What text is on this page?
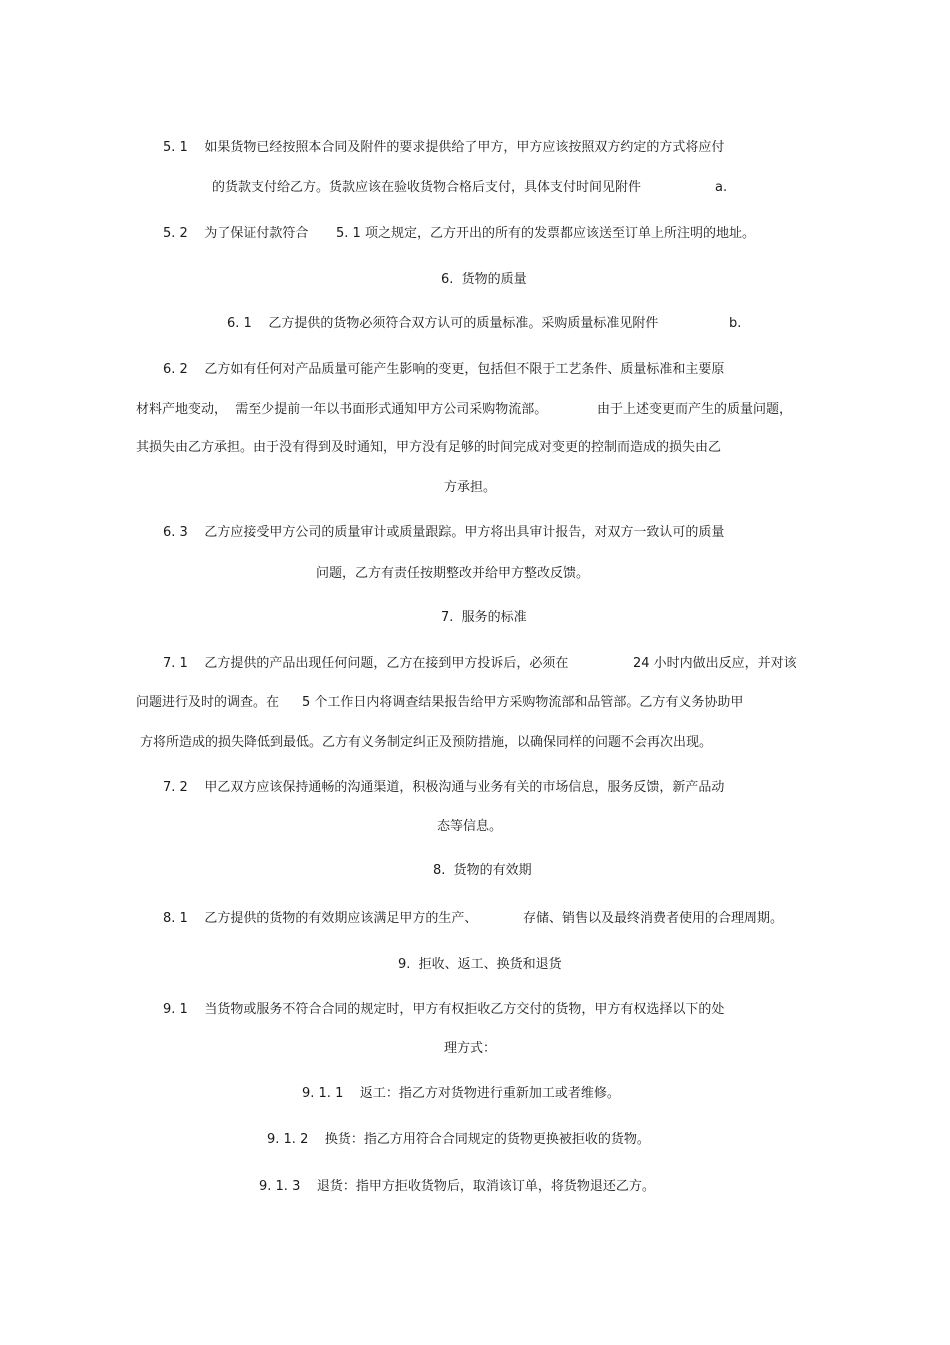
5. 1    如果货物已经按照本合同及附件的要求提供给了甲方，甲方应该按照双方约定的方式将应付
的货款支付给乙方。货款应该在验收货物合格后支付，具体支付时间见附件	a.
5. 2    为了保证付款符合 5. 1 项之规定，乙方开出的所有的发票都应该送至订单上所注明的地址。
6.  货物的质量
6. 1    乙方提供的货物必须符合双方认可的质量标准。采购质量标准见附件	b.
6. 2    乙方如有任何对产品质量可能产生影响的变更，包括但不限于工艺条件、质量标准和主要原
材料产地变动，  需至少提前一年以书面形式通知甲方公司采购物流部。	由于上述变更而产生的质量问题，
其损失由乙方承担。由于没有得到及时通知，甲方没有足够的时间完成对变更的控制而造成的损失由乙
方承担。
6. 3    乙方应接受甲方公司的质量审计或质量跟踪。甲方将出具审计报告，对双方一致认可的质量
问题，乙方有责任按期整改并给甲方整改反馈。
7.  服务的标准
7. 1    乙方提供的产品出现任何问题，乙方在接到甲方投诉后，必须在	24 小时内做出反应，并对该
问题进行及时的调查。在 5 个工作日内将调查结果报告给甲方采购物流部和品管部。乙方有义务协助甲
方将所造成的损失降低到最低。乙方有义务制定纠正及预防措施，以确保同样的问题不会再次出现。
7. 2    甲乙双方应该保持通畅的沟通渠道，积极沟通与业务有关的市场信息，服务反馈，新产品动
态等信息。
8.  货物的有效期
8. 1    乙方提供的货物的有效期应该满足甲方的生产、	存储、销售以及最终消费者使用的合理周期。
9.  拒收、返工、换货和退货
9. 1    当货物或服务不符合合同的规定时，甲方有权拒收乙方交付的货物，甲方有权选择以下的处
理方式：
9. 1. 1    返工：指乙方对货物进行重新加工或者维修。
9. 1. 2    换货：指乙方用符合合同规定的货物更换被拒收的货物。
9. 1. 3    退货：指甲方拒收货物后，取消该订单，将货物退还乙方。
